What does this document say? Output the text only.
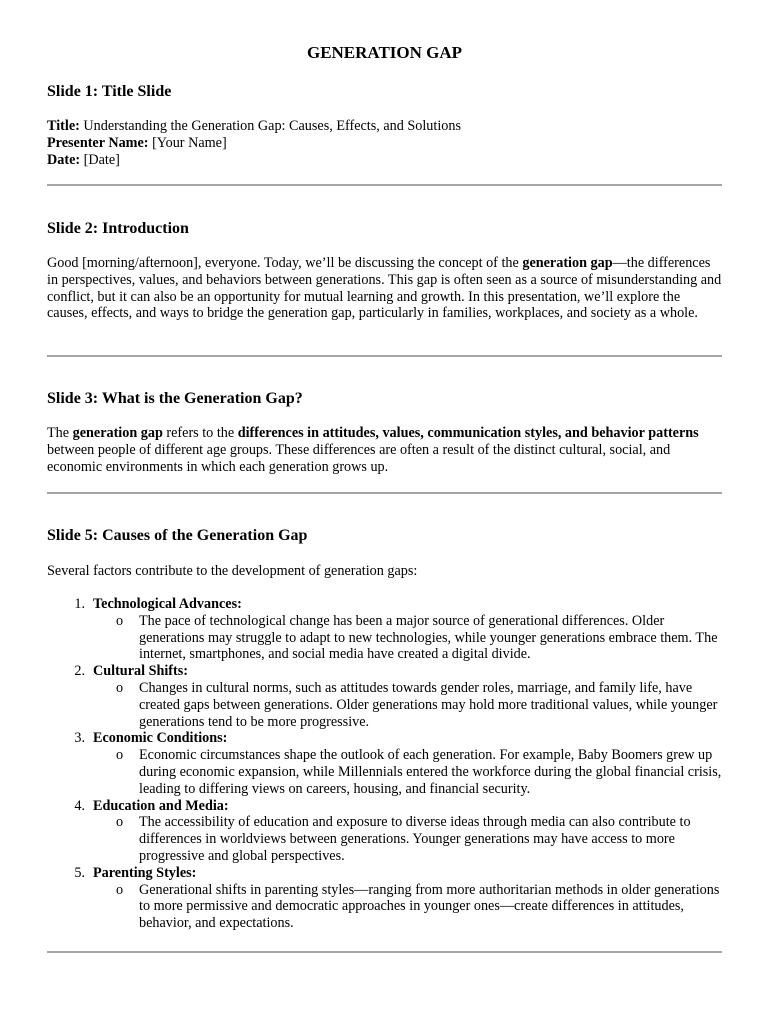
GENERATION GAP
Slide 1: Title Slide

Title: Understanding the Generation Gap: Causes, Effects, and Solutions

Presenter Name: [Your Name]

Date: [Date]

Slide 2: Introduction

Good [morning/afternoon], everyone. Today, we’ll be discussing the concept of the generation gap—the differences in perspectives, values, and behaviors between generations. This gap is often seen as a source of misunderstanding and conflict, but it can also be an opportunity for mutual learning and growth. In this presentation, we’ll explore the causes, effects, and ways to bridge the generation gap, particularly in families, workplaces, and society as a whole.

Slide 3: What is the Generation Gap?

The generation gap refers to the differences in attitudes, values, communication styles, and behavior patterns between people of different age groups. These differences are often a result of the distinct cultural, social, and economic environments in which each generation grows up.

Slide 5: Causes of the Generation Gap

Several factors contribute to the development of generation gaps:

1. Technological Advances:
o The pace of technological change has been a major source of generational differences. Older generations may struggle to adapt to new technologies, while younger generations embrace them. The internet, smartphones, and social media have created a digital divide.
2. Cultural Shifts:
o Changes in cultural norms, such as attitudes towards gender roles, marriage, and family life, have created gaps between generations. Older generations may hold more traditional values, while younger generations tend to be more progressive.
3. Economic Conditions:
o Economic circumstances shape the outlook of each generation. For example, Baby Boomers grew up during economic expansion, while Millennials entered the workforce during the global financial crisis, leading to differing views on careers, housing, and financial security.
4. Education and Media:
o The accessibility of education and exposure to diverse ideas through media can also contribute to differences in worldviews between generations. Younger generations may have access to more progressive and global perspectives.
5. Parenting Styles:
o Generational shifts in parenting styles—ranging from more authoritarian methods in older generations to more permissive and democratic approaches in younger ones—create differences in attitudes, behavior, and expectations.
